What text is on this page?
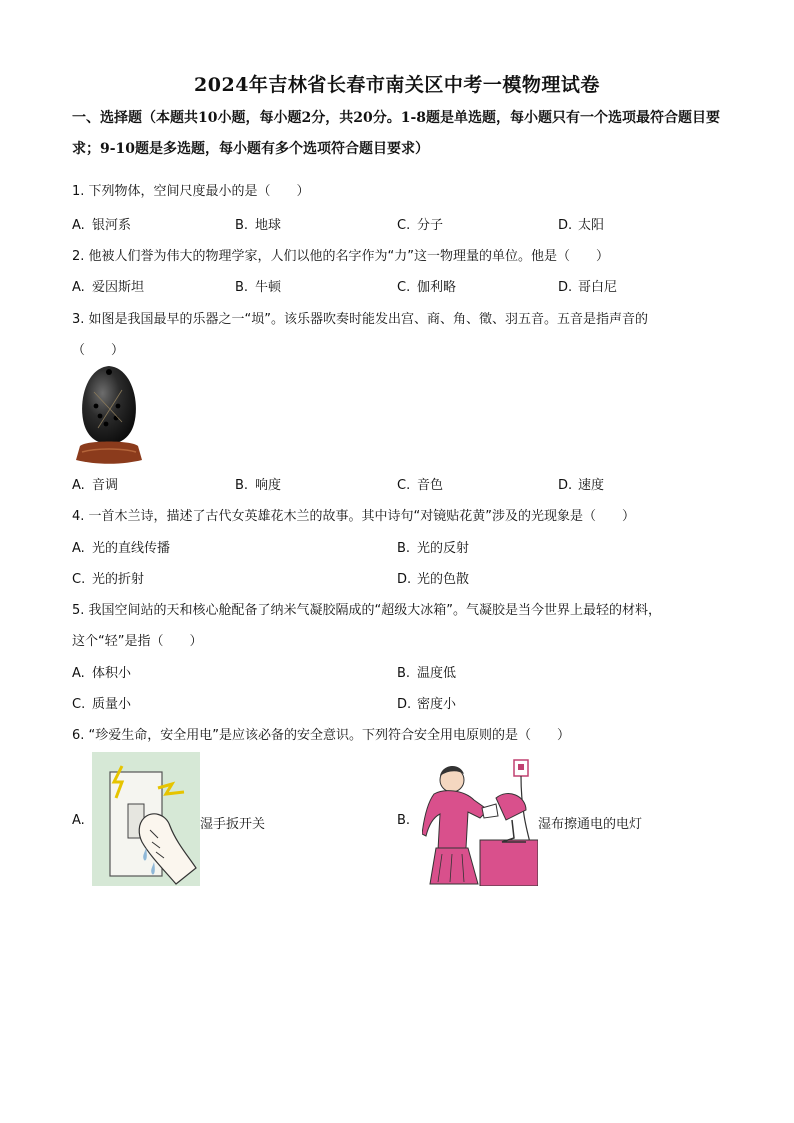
2024年吉林省长春市南关区中考一模物理试卷
一、选择题（本题共10小题，每小题2分，共20分。1-8题是单选题，每小题只有一个选项最符合题目要求；9-10题是多选题，每小题有多个选项符合题目要求）
1. 下列物体，空间尺度最小的是（　　）
A. 银河系	B. 地球	C. 分子	D. 太阳
2. 他被人们誉为伟大的物理学家，人们以他的名字作为“力”这一物理量的单位。他是（　　）
A. 爱因斯坦	B. 牛顿	C. 伽利略	D. 哥白尼
3. 如图是我国最早的乐器之一“埙”。该乐器吹奏时能发出宫、商、角、徵、羽五音。五音是指声音的
（　　）
A. 音调	B. 响度	C. 音色	D. 速度
4. 一首木兰诗，描述了古代女英雄花木兰的故事。其中诗句“对镜贴花黄”涉及的光现象是（　　）
A. 光的直线传播	B. 光的反射
C. 光的折射	D. 光的色散
5. 我国空间站的天和核心舱配备了纳米气凝胶隔成的“超级大冰箱”。气凝胶是当今世界上最轻的材料，
这个“轻”是指（　　）
A. 体积小	B. 温度低
C. 质量小	D. 密度小
6. “珍爱生命，安全用电”是应该必备的安全意识。下列符合安全用电原则的是（　　）
A.	湿手扳开关	B.	湿布擦通电的电灯
